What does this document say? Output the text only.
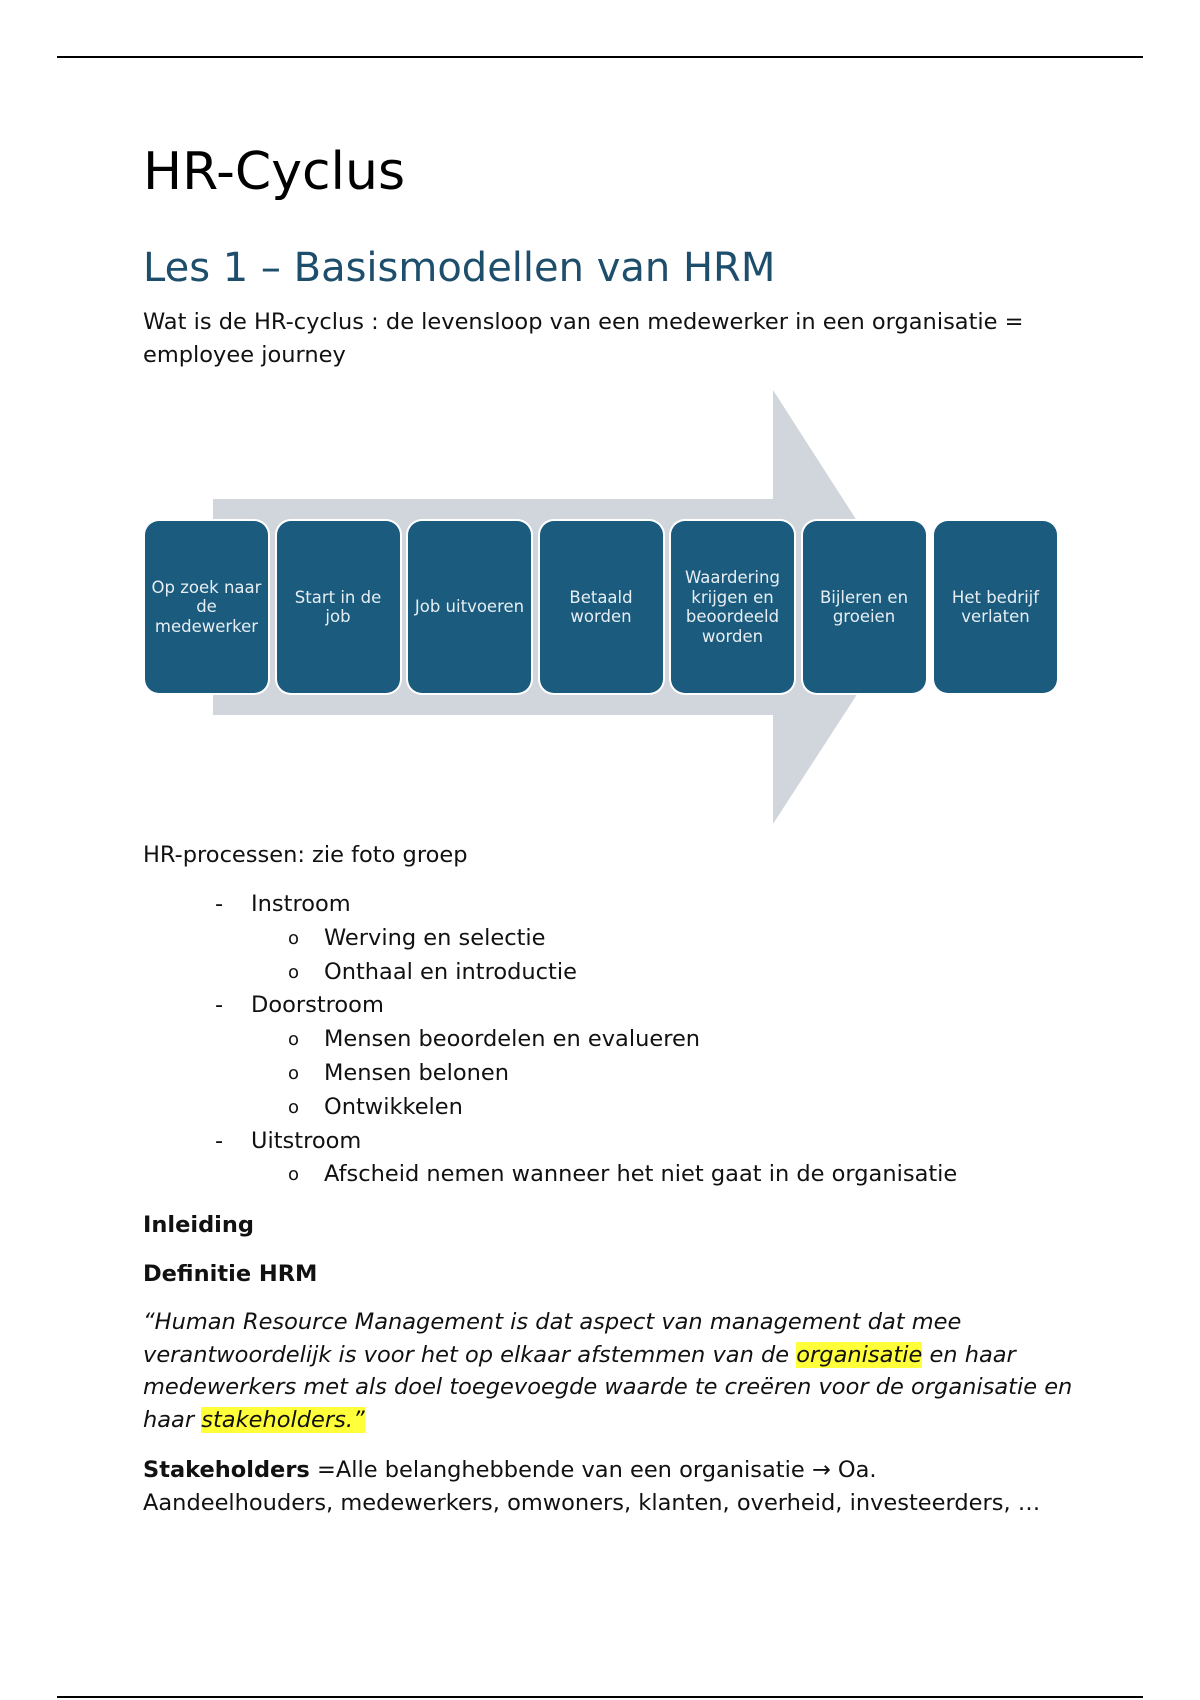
HR-Cyclus
Les 1 – Basismodellen van HRM
Wat is de HR-cyclus : de levensloop van een medewerker in een organisatie = employee journey
HR-processen: zie foto groep
Op zoek naar de medewerker
Start in de job
Job uitvoeren
Betaald worden
Waardering krijgen en beoordeeld worden
Bijleren en groeien
Het bedrijf verlaten
- Instroom
o Werving en selectie
o Onthaal en introductie
- Doorstroom
o Mensen beoordelen en evalueren
o Mensen belonen
o Ontwikkelen
- Uitstroom
o Afscheid nemen wanneer het niet gaat in de organisatie
Inleiding
Definitie HRM
“Human Resource Management is dat aspect van management dat mee verantwoordelijk is voor het op elkaar afstemmen van de organisatie en haar medewerkers met als doel toegevoegde waarde te creëren voor de organisatie en haar stakeholders.”
Stakeholders =Alle belanghebbende van een organisatie → Oa. Aandeelhouders, medewerkers, omwoners, klanten, overheid, investeerders, …
